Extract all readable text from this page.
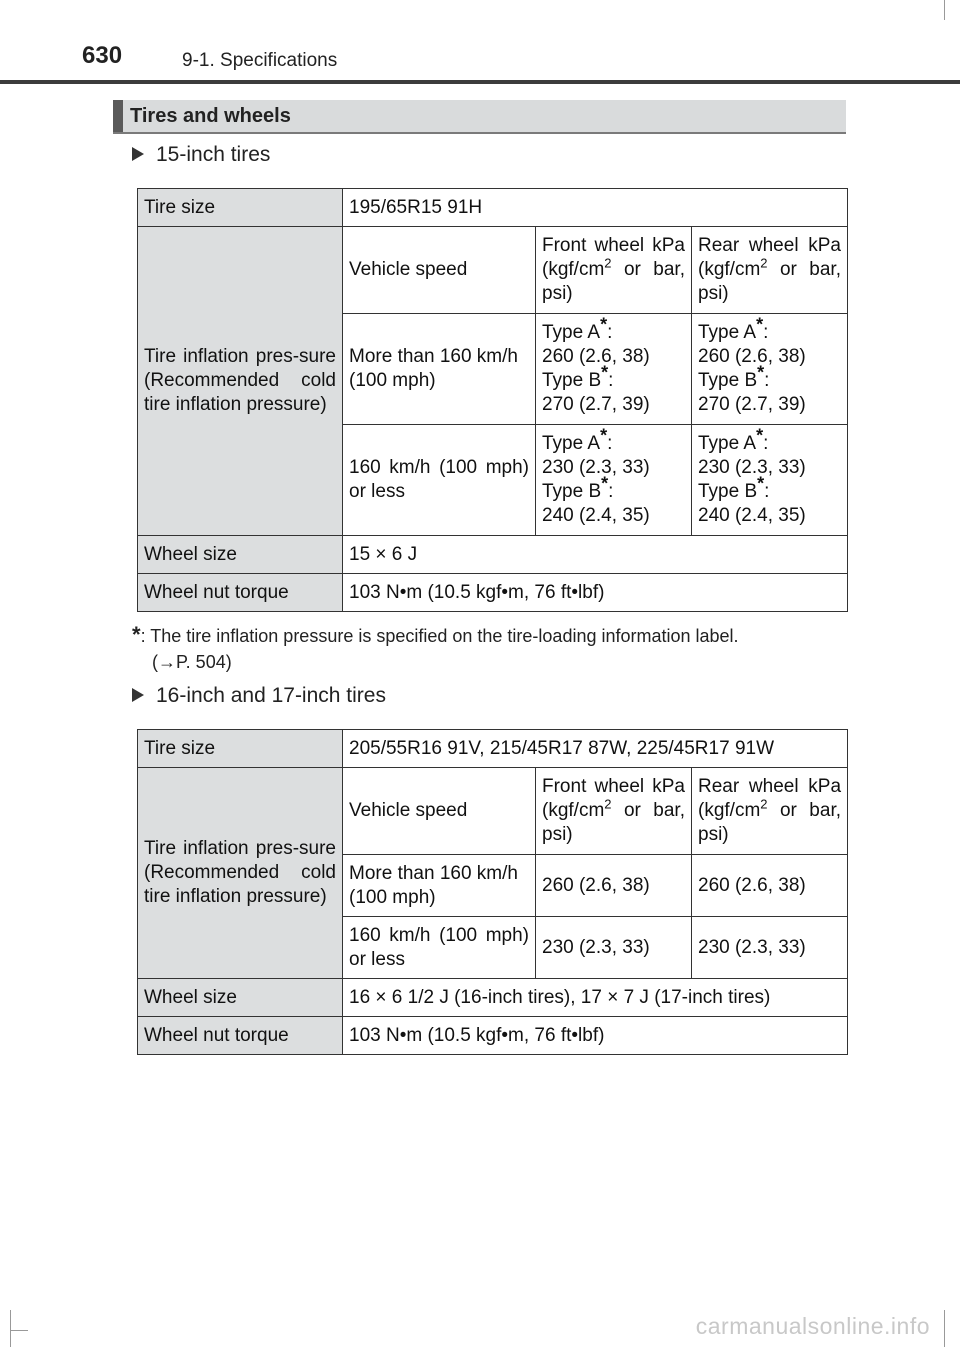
630	9-1. Specifications
Tires and wheels
15-inch tires
Tire size	195/65R15 91H		
Tire inflation pres-sure (Recommended cold tire inflation pressure)	Vehicle speed	Front wheel kPa ($kgf/cm^2$ or bar, psi)	Rear wheel kPa ($kgf/cm^2$ or bar, psi)
	More than 160 km/h (100 mph)	Type A*:
260 (2.6, 38)
Type B*:
270 (2.7, 39)	Type A*:
260 (2.6, 38)
Type B*:
270 (2.7, 39)
	160 km/h (100 mph) or less	Type A*:
230 (2.3, 33)
Type B*:
240 (2.4, 35)	Type A*:
230 (2.3, 33)
Type B*:
240 (2.4, 35)
Wheel size	15 × 6 J		
Wheel nut torque	103 N•m (10.5 kgf•m, 76 ft•lbf)		
*: The tire inflation pressure is specified on the tire-loading information label.
(→P. 504)
16-inch and 17-inch tires
Tire size	205/55R16 91V, 215/45R17 87W, 225/45R17 91W		
Tire inflation pres-sure (Recommended cold tire inflation pressure)	Vehicle speed	Front wheel kPa ($kgf/cm^2$ or bar, psi)	Rear wheel kPa ($kgf/cm^2$ or bar, psi)
	More than 160 km/h (100 mph)	260 (2.6, 38)	260 (2.6, 38)
	160 km/h (100 mph) or less	230 (2.3, 33)	230 (2.3, 33)
Wheel size	16 × 6 1/2 J (16-inch tires), 17 × 7 J (17-inch tires)		
Wheel nut torque	103 N•m (10.5 kgf•m, 76 ft•lbf)		
carmanualsonline.info
